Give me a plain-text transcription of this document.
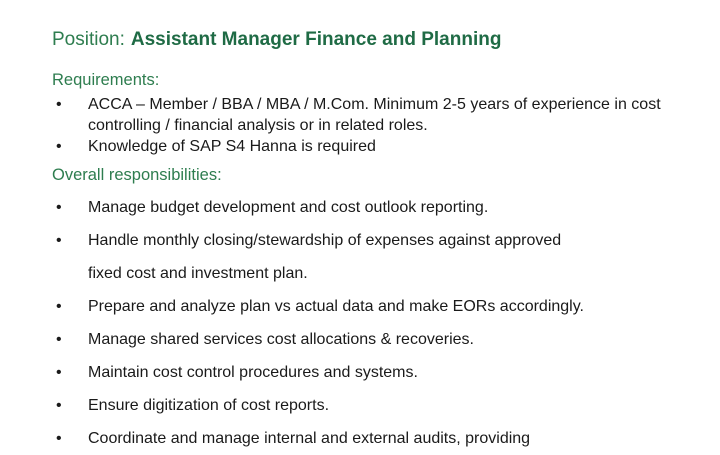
Position: Assistant Manager Finance and Planning
Requirements:
• ACCA – Member / BBA / MBA / M.Com. Minimum 2-5 years of experience in cost controlling / financial analysis or in related roles.
• Knowledge of SAP S4 Hanna is required
Overall responsibilities:
• Manage budget development and cost outlook reporting.
• Handle monthly closing/stewardship of expenses against approved
fixed cost and investment plan.
• Prepare and analyze plan vs actual data and make EORs accordingly.
• Manage shared services cost allocations & recoveries.
• Maintain cost control procedures and systems.
• Ensure digitization of cost reports.
• Coordinate and manage internal and external audits, providing
